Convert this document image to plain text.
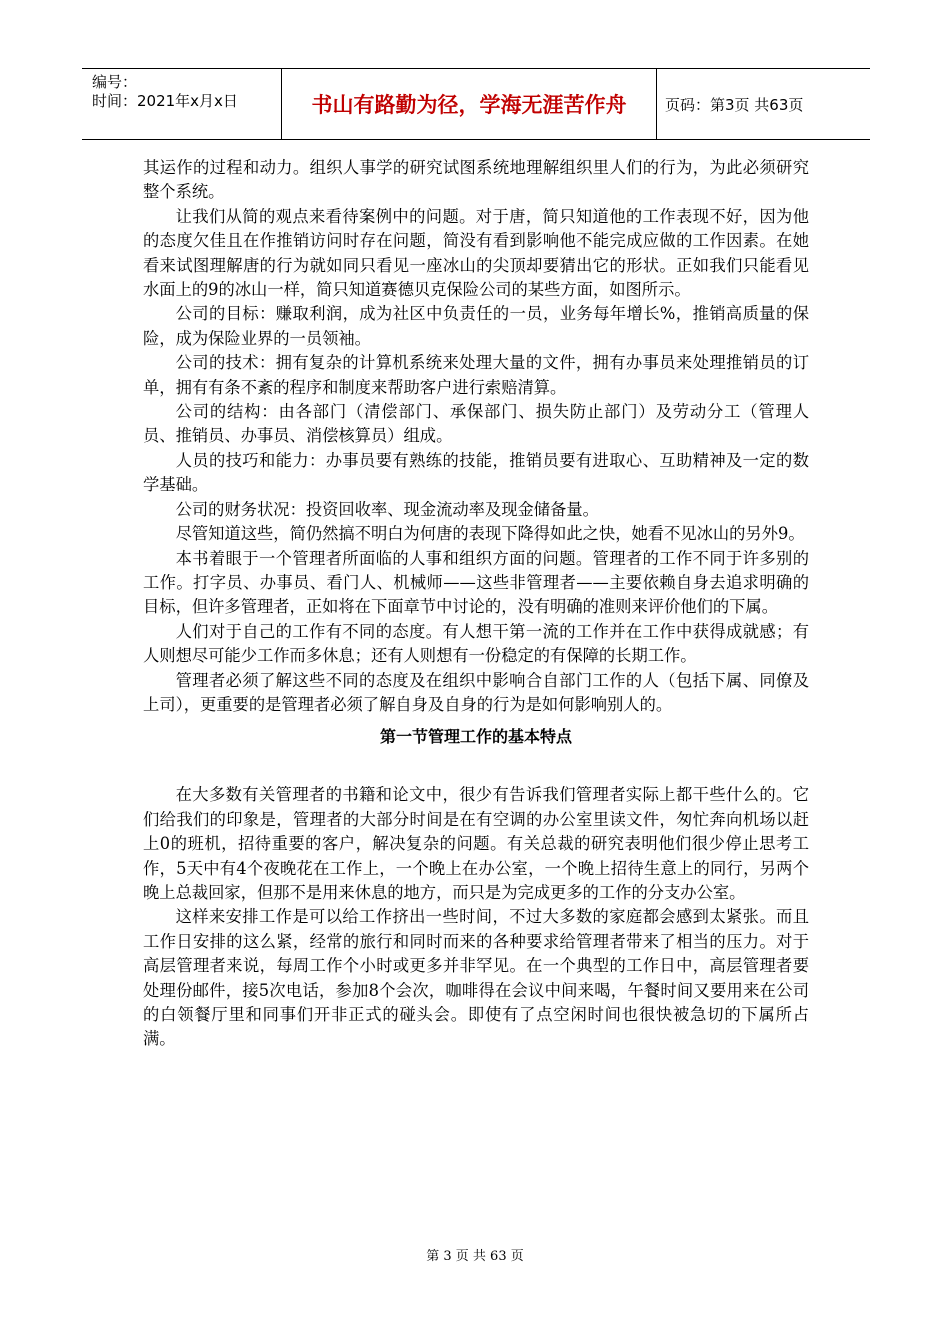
编号：
时间：2021年x月x日	书山有路勤为径，学海无涯苦作舟	页码：第3页 共63页

其运作的过程和动力。组织人事学的研究试图系统地理解组织里人们的行为，为此必须研究整个系统。

让我们从简的观点来看待案例中的问题。对于唐，简只知道他的工作表现不好，因为他的态度欠佳且在作推销访问时存在问题，简没有看到影响他不能完成应做的工作因素。在她看来试图理解唐的行为就如同只看见一座冰山的尖顶却要猜出它的形状。正如我们只能看见水面上的9的冰山一样，简只知道赛德贝克保险公司的某些方面，如图所示。

公司的目标：赚取利润，成为社区中负责任的一员，业务每年增长%，推销高质量的保险，成为保险业界的一员领袖。

公司的技术：拥有复杂的计算机系统来处理大量的文件，拥有办事员来处理推销员的订单，拥有有条不紊的程序和制度来帮助客户进行索赔清算。

公司的结构：由各部门（清偿部门、承保部门、损失防止部门）及劳动分工（管理人员、推销员、办事员、消偿核算员）组成。

人员的技巧和能力：办事员要有熟练的技能，推销员要有进取心、互助精神及一定的数学基础。

公司的财务状况：投资回收率、现金流动率及现金储备量。

尽管知道这些，简仍然搞不明白为何唐的表现下降得如此之快，她看不见冰山的另外9。

本书着眼于一个管理者所面临的人事和组织方面的问题。管理者的工作不同于许多别的工作。打字员、办事员、看门人、机械师——这些非管理者——主要依赖自身去追求明确的目标，但许多管理者，正如将在下面章节中讨论的，没有明确的准则来评价他们的下属。

人们对于自己的工作有不同的态度。有人想干第一流的工作并在工作中获得成就感；有人则想尽可能少工作而多休息；还有人则想有一份稳定的有保障的长期工作。

管理者必须了解这些不同的态度及在组织中影响合自部门工作的人（包括下属、同僚及上司），更重要的是管理者必须了解自身及自身的行为是如何影响别人的。

第一节管理工作的基本特点

在大多数有关管理者的书籍和论文中，很少有告诉我们管理者实际上都干些什么的。它们给我们的印象是，管理者的大部分时间是在有空调的办公室里读文件，匆忙奔向机场以赶上0的班机，招待重要的客户，解决复杂的问题。有关总裁的研究表明他们很少停止思考工作，5天中有4个夜晚花在工作上，一个晚上在办公室，一个晚上招待生意上的同行，另两个晚上总裁回家，但那不是用来休息的地方，而只是为完成更多的工作的分支办公室。

这样来安排工作是可以给工作挤出一些时间，不过大多数的家庭都会感到太紧张。而且工作日安排的这么紧，经常的旅行和同时而来的各种要求给管理者带来了相当的压力。对于高层管理者来说，每周工作个小时或更多并非罕见。在一个典型的工作日中，高层管理者要处理份邮件，接5次电话，参加8个会次，咖啡得在会议中间来喝，午餐时间又要用来在公司的白领餐厅里和同事们开非正式的碰头会。即使有了点空闲时间也很快被急切的下属所占满。

第 3 页 共 63 页
